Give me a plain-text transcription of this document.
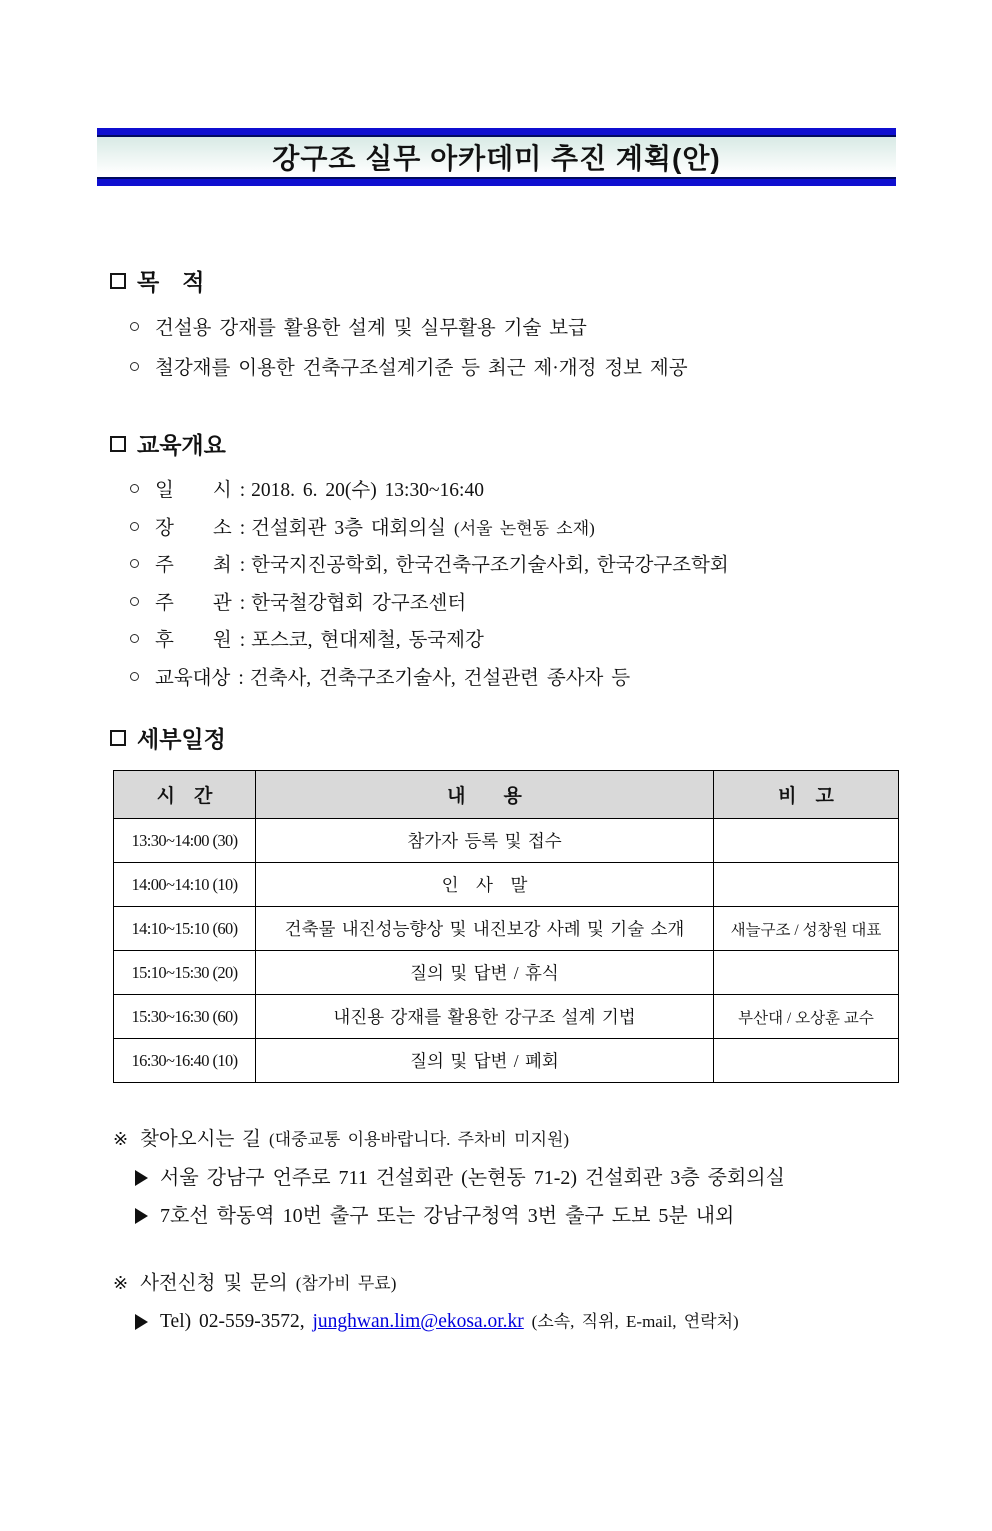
강구조 실무 아카데미 추진 계획(안)
목　적
건설용 강재를 활용한 설계 및 실무활용 기술 보급
철강재를 이용한 건축구조설계기준 등 최근 제·개정 정보 제공
교육개요
일　　시 : 2018. 6. 20(수) 13:30~16:40
장　　소 : 건설회관 3층 대회의실 (서울 논현동 소재)
주　　최 : 한국지진공학회, 한국건축구조기술사회, 한국강구조학회
주　　관 : 한국철강협회 강구조센터
후　　원 : 포스코, 현대제철, 동국제강
교육대상 : 건축사, 건축구조기술사, 건설관련 종사자 등
세부일정
시　간	내　　용	비　고
13:30~14:00 (30)	참가자 등록 및 접수	
14:00~14:10 (10)	인　사　말	
14:10~15:10 (60)	건축물 내진성능향상 및 내진보강 사례 및 기술 소개	새늘구조 / 성창원 대표
15:10~15:30 (20)	질의 및 답변 / 휴식	
15:30~16:30 (60)	내진용 강재를 활용한 강구조 설계 기법	부산대 / 오상훈 교수
16:30~16:40 (10)	질의 및 답변 / 폐회	
※ 찾아오시는 길 (대중교통 이용바랍니다. 주차비 미지원)
서울 강남구 언주로 711 건설회관 (논현동 71-2) 건설회관 3층 중회의실
7호선 학동역 10번 출구 또는 강남구청역 3번 출구 도보 5분 내외
※ 사전신청 및 문의 (참가비 무료)
Tel) 02-559-3572, junghwan.lim@ekosa.or.kr (소속, 직위, E-mail, 연락처)
